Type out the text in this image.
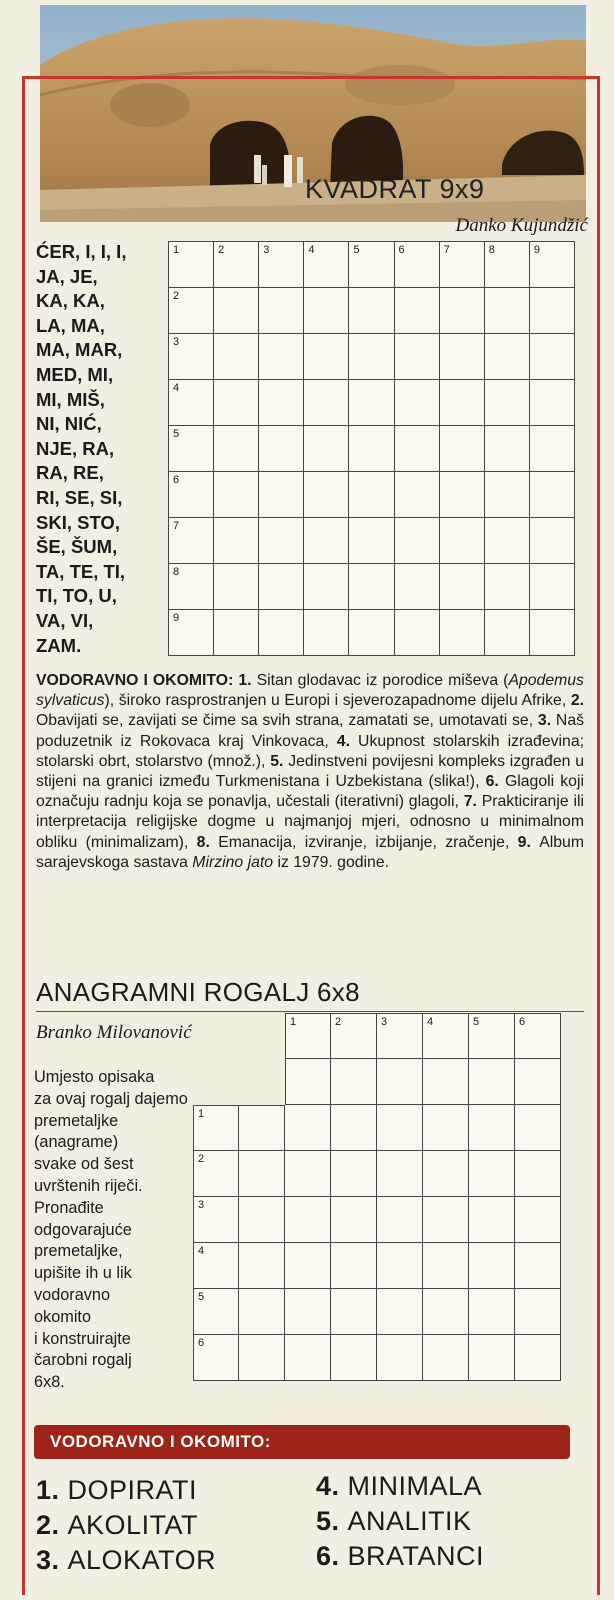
KVADRAT 9x9
Danko Kujundžić
ĆER, I, I, I,
JA, JE,
KA, KA,
LA, MA,
MA, MAR,
MED, MI,
MI, MIŠ,
NI, NIĆ,
NJE, RA,
RA, RE,
RI, SE, SI,
SKI, STO,
ŠE, ŠUM,
TA, TE, TI,
TI, TO, U,
VA, VI,
ZAM.
1	2	3	4	5	6	7	8	9
2
3
4
5
6
7
8
9
VODORAVNO I OKOMITO: 1. Sitan glodavac iz porodice miševa (Apodemus sylvaticus), široko rasprostranjen u Europi i sjeverozapadnome dijelu Afrike, 2. Obavijati se, zavijati se čime sa svih strana, zamatati se, umotavati se, 3. Naš poduzetnik iz Rokovaca kraj Vinkovaca, 4. Ukupnost stolarskih izrađevina; stolarski obrt, stolarstvo (množ.), 5. Jedinstveni povijesni kompleks izgrađen u stijeni na granici između Turkmenistana i Uzbekistana (slika!), 6. Glagoli koji označuju radnju koja se ponavlja, učestali (iterativni) glagoli, 7. Prakticiranje ili interpretacija religijske dogme u najmanjoj mjeri, odnosno u minimalnom obliku (minimalizam), 8. Emanacija, izviranje, izbijanje, zračenje, 9. Album sarajevskoga sastava Mirzino jato iz 1979. godine.
ANAGRAMNI ROGALJ 6x8
Branko Milovanović
Umjesto opisaka
za ovaj rogalj dajemo
premetaljke
(anagrame)
svake od šest
uvrštenih riječi.
Pronađite
odgovarajuće
premetaljke,
upišite ih u lik
vodoravno
okomito
i konstruirajte
čarobni rogalj
6x8.
1	2	3	4	5	6
1
2
3
4
5
6
VODORAVNO I OKOMITO:
1. DOPIRATI
2. AKOLITAT
3. ALOKATOR
4. MINIMALA
5. ANALITIK
6. BRATANCI
